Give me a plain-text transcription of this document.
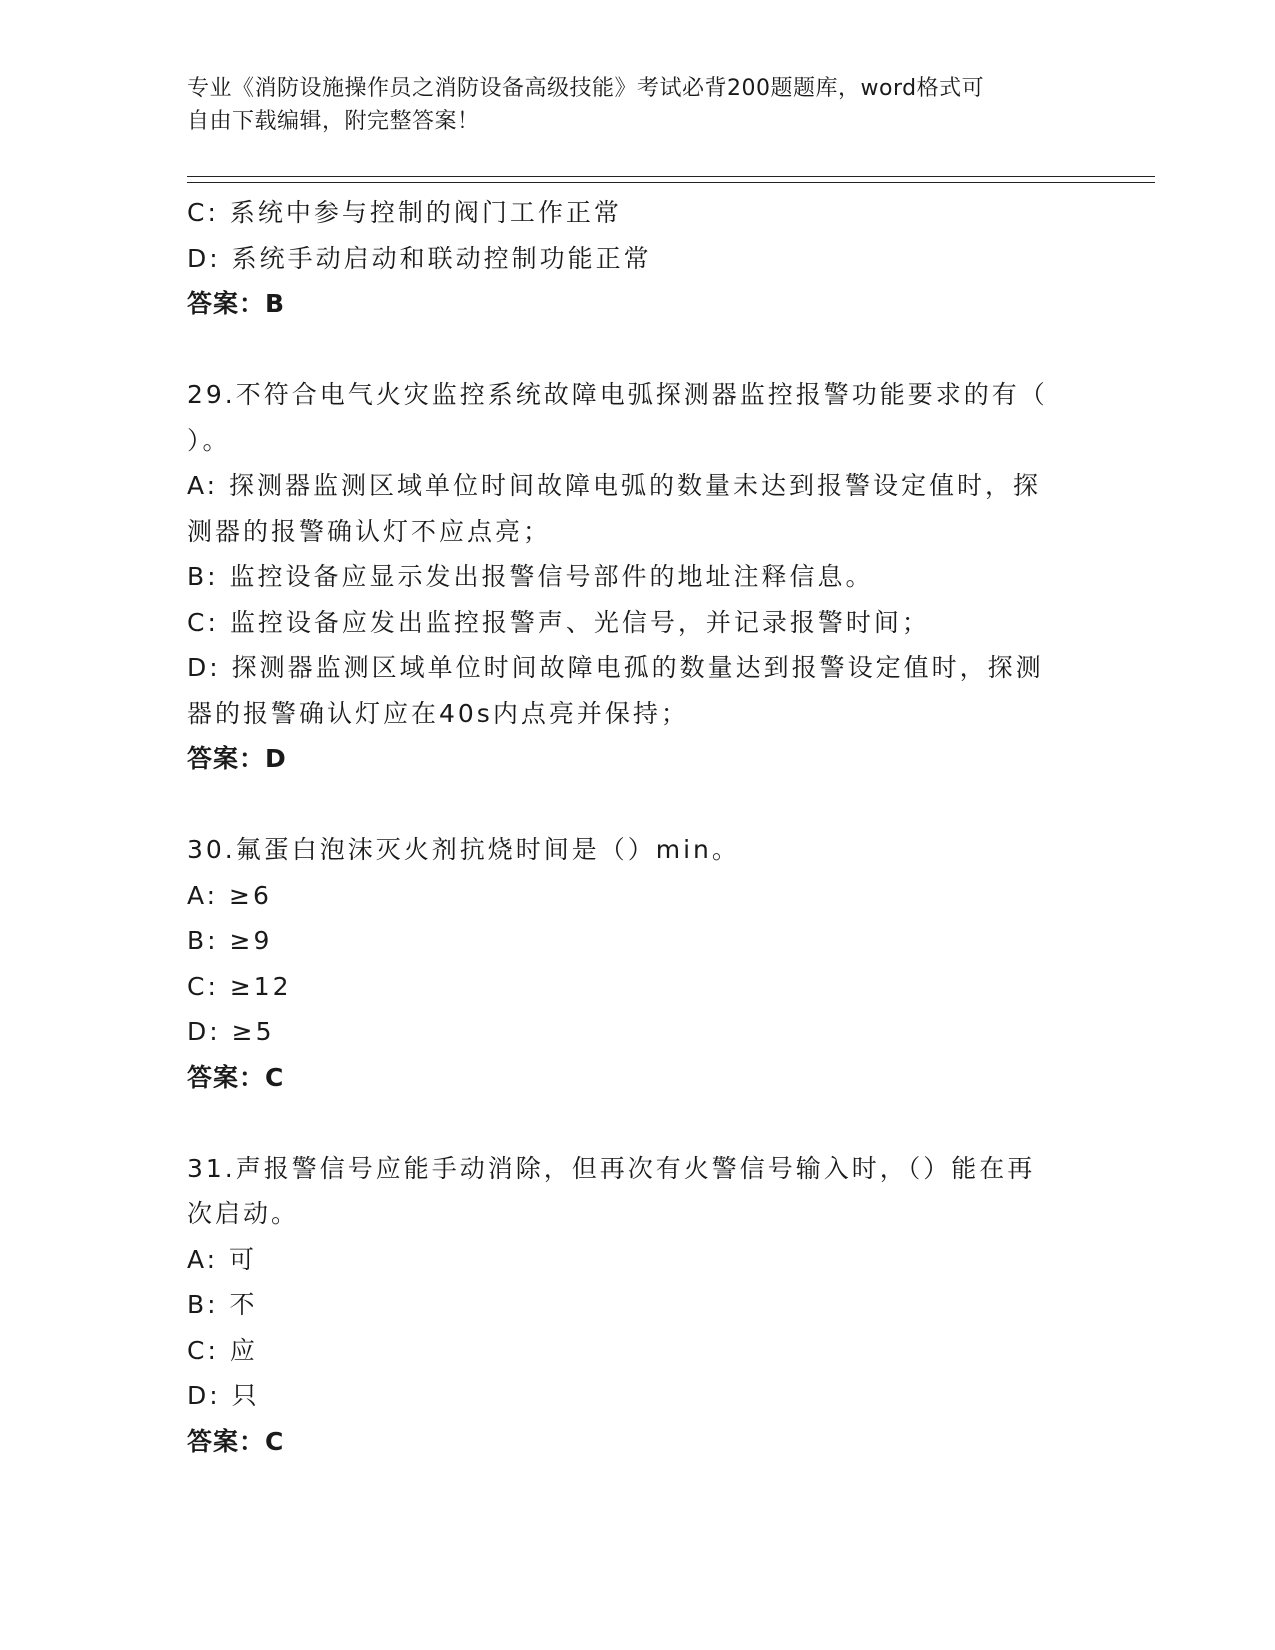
专业《消防设施操作员之消防设备高级技能》考试必背200题题库，word格式可
自由下载编辑，附完整答案！
C: 系统中参与控制的阀门工作正常
D: 系统手动启动和联动控制功能正常
答案：B
29.不符合电气火灾监控系统故障电弧探测器监控报警功能要求的有（
）。
A: 探测器监测区域单位时间故障电弧的数量未达到报警设定值时，探
测器的报警确认灯不应点亮；
B: 监控设备应显示发出报警信号部件的地址注释信息。
C: 监控设备应发出监控报警声、光信号，并记录报警时间；
D: 探测器监测区域单位时间故障电孤的数量达到报警设定值时，探测
器的报警确认灯应在40s内点亮并保持；
答案：D
30.氟蛋白泡沫灭火剂抗烧时间是（）min。
A: ≥6
B: ≥9
C: ≥12
D: ≥5
答案：C
31.声报警信号应能手动消除，但再次有火警信号输入时，（）能在再
次启动。
A: 可
B: 不
C: 应
D: 只
答案：C
